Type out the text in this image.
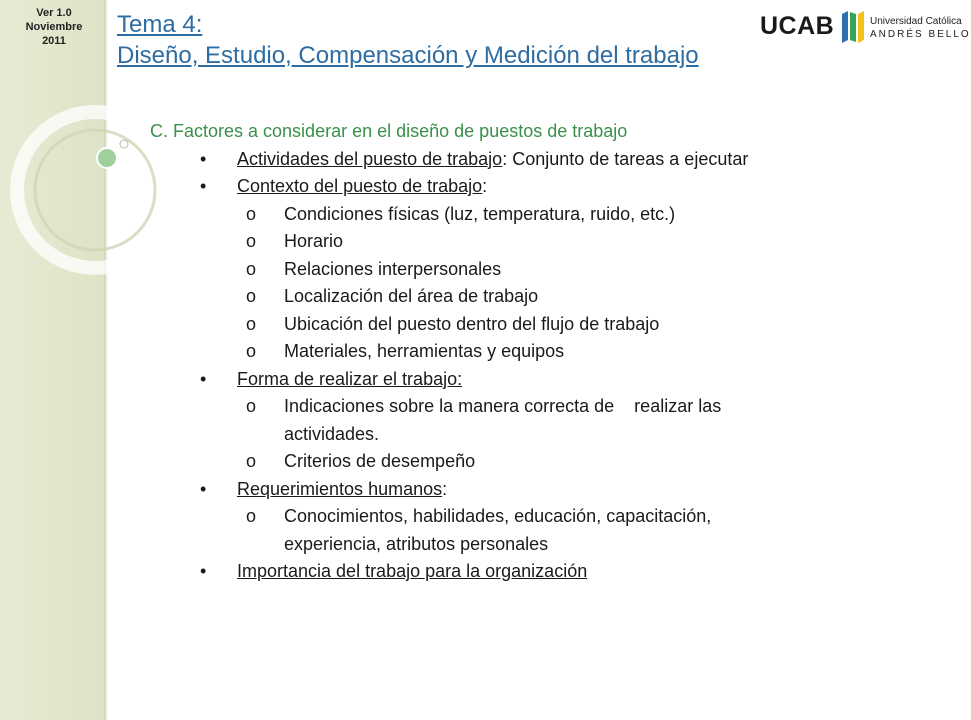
Ver 1.0
Noviembre
2011
Tema 4:
Diseño, Estudio, Compensación y Medición del trabajo
UCAB	Universidad Católica
ANDRÉS BELLO
C. Factores a considerar en el diseño de puestos de trabajo
• Actividades del puesto de trabajo: Conjunto de tareas a ejecutar
• Contexto del puesto de trabajo:
o Condiciones físicas (luz, temperatura, ruido, etc.)
o Horario
o Relaciones interpersonales
o Localización del área de trabajo
o Ubicación del puesto dentro del flujo de trabajo
o Materiales, herramientas y equipos
• Forma de realizar el trabajo:
o Indicaciones sobre la manera correcta de    realizar las
actividades.
o Criterios de desempeño
• Requerimientos humanos:
o Conocimientos, habilidades, educación, capacitación,
experiencia, atributos personales
• Importancia del trabajo para la organización
